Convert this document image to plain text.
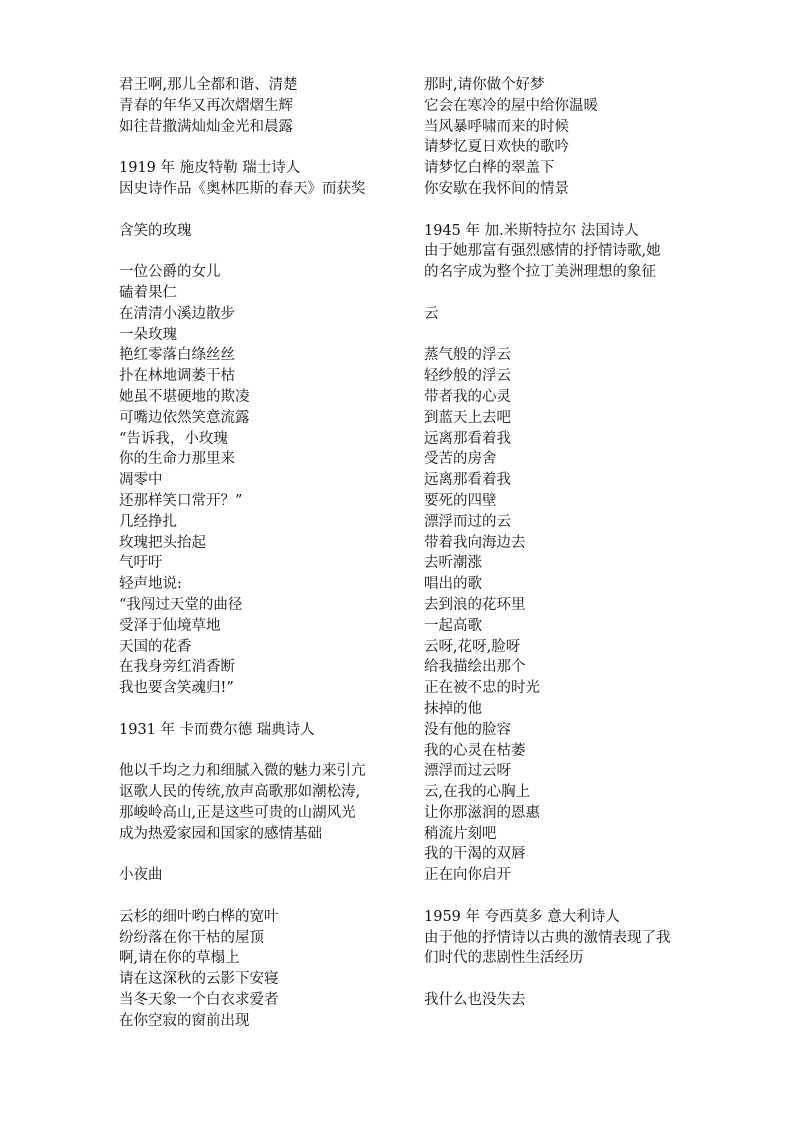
君王啊,那儿全都和谐、清楚
青春的年华又再次熠熠生辉
如往昔撒满灿灿金光和晨露
1919 年 施皮特勒 瑞士诗人
因史诗作品《奥林匹斯的春天》而获奖
含笑的玫瑰
一位公爵的女儿
磕着果仁
在清清小溪边散步
一朵玫瑰
艳红零落白绦丝丝
扑在林地调萎干枯
她虽不堪硬地的欺凌
可嘴边依然笑意流露
“告诉我，小玫瑰
你的生命力那里来
凋零中
还那样笑口常开？”
几经挣扎
玫瑰把头抬起
气吁吁
轻声地说:
“我闯过天堂的曲径
受泽于仙境草地
天国的花香
在我身旁红消香断
我也要含笑魂归!”
1931 年 卡而费尔德 瑞典诗人
他以千均之力和细腻入微的魅力来引亢
讴歌人民的传统,放声高歌那如潮松涛,
那峻岭高山,正是这些可贵的山湖风光
成为热爱家园和国家的感情基础
小夜曲
云杉的细叶哟白桦的宽叶
纷纷落在你干枯的屋顶
啊,请在你的草榻上
请在这深秋的云影下安寝
当冬天象一个白衣求爱者
在你空寂的窗前出现
那时,请你做个好梦
它会在寒冷的屋中给你温暖
当风暴呼啸而来的时候
请梦忆夏日欢快的歌吟
请梦忆白桦的翠盖下
你安歇在我怀间的情景
1945 年 加.米斯特拉尔 法国诗人
由于她那富有强烈感情的抒情诗歌,她
的名字成为整个拉丁美洲理想的象征
云
蒸气般的浮云
轻纱般的浮云
带者我的心灵
到蓝天上去吧
远离那看着我
受苦的房舍
远离那看着我
要死的四壁
漂浮而过的云
带着我向海边去
去听潮涨
唱出的歌
去到浪的花环里
一起高歌
云呀,花呀,脸呀
给我描绘出那个
正在被不忠的时光
抹掉的他
没有他的脸容
我的心灵在枯萎
漂浮而过云呀
云,在我的心胸上
让你那滋润的恩惠
稍流片刻吧
我的干渴的双唇
正在向你启开
1959 年 夸西莫多 意大利诗人
由于他的抒情诗以古典的激情表现了我
们时代的悲剧性生活经历
我什么也没失去
